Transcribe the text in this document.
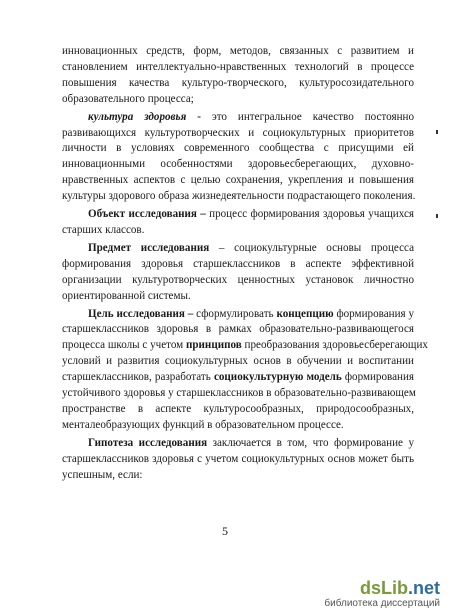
инновационных средств, форм, методов, связанных с развитием и
становлением интеллектуально-нравственных технологий в процессе
повышения качества культуро-творческого, культуросозидательного
образовательного процесса;
культура здоровья - это интегральное качество постоянно
развивающихся культуротворческих и социокультурных приоритетов
личности в условиях современного сообщества с присущими ей
инновационными особенностями здоровьесберегающих, духовно-
нравственных аспектов с целью сохранения, укрепления и повышения
культуры здорового образа жизнедеятельности подрастающего поколения.
Объект исследования – процесс формирования здоровья учащихся
старших классов.
Предмет исследования – социокультурные основы процесса
формирования здоровья старшеклассников в аспекте эффективной
организации культуротворческих ценностных установок личностно
ориентированной системы.
Цель исследования – сформулировать концепцию формирования у
старшеклассников здоровья в рамках образовательно-развивающегося
процесса школы с учетом принципов преобразования здоровьесберегающих
условий и развития социокультурных основ в обучении и воспитании
старшеклассников, разработать социокультурную модель формирования
устойчивого здоровья у старшеклассников в образовательно-развивающем
пространстве в аспекте культуросообразных, природосообразных,
менталеобразующих функций в образовательном процессе.
Гипотеза исследования заключается в том, что формирование у
старшеклассников здоровья с учетом социокультурных основ может быть
успешным, если:
5
dsLib.net
библиотека диссертаций
